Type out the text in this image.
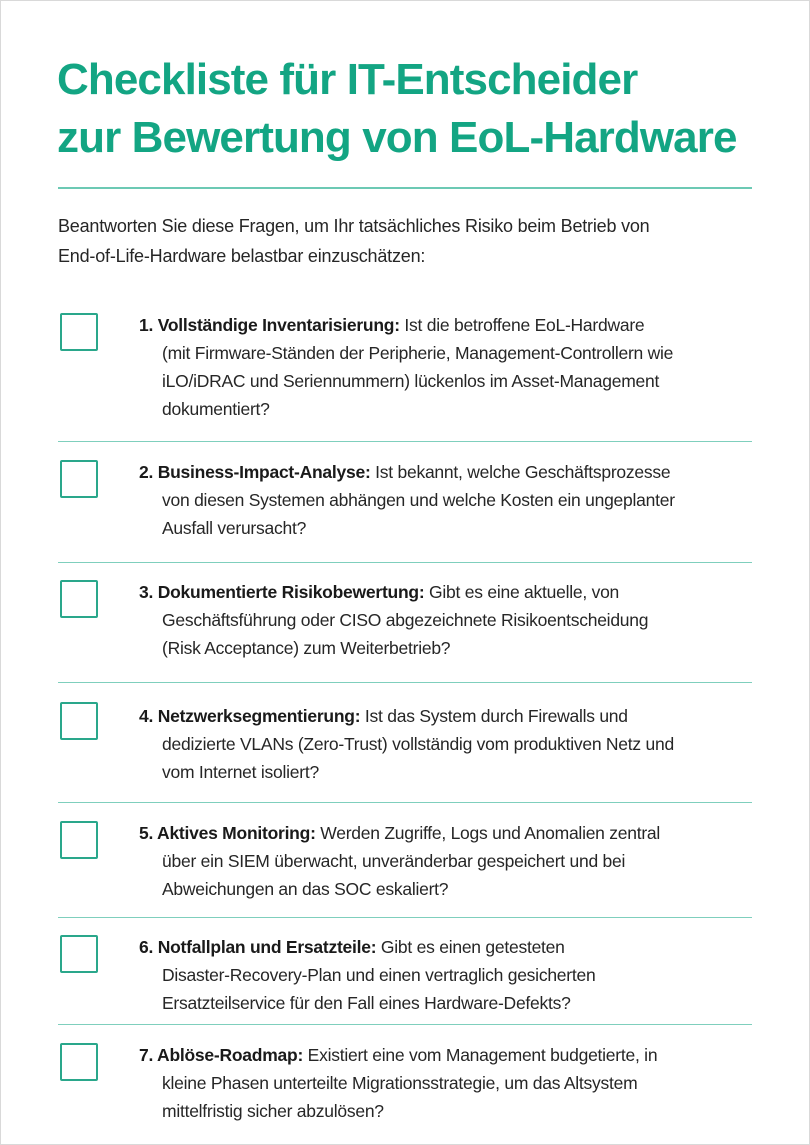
Checkliste für IT-Entscheider
zur Bewertung von EoL-Hardware

Beantworten Sie diese Fragen, um Ihr tatsächliches Risiko beim Betrieb von
End-of-Life-Hardware belastbar einzuschätzen:

1. Vollständige Inventarisierung: Ist die betroffene EoL-Hardware
(mit Firmware-Ständen der Peripherie, Management-Controllern wie
iLO/iDRAC und Seriennummern) lückenlos im Asset-Management
dokumentiert?
2. Business-Impact-Analyse: Ist bekannt, welche Geschäftsprozesse
von diesen Systemen abhängen und welche Kosten ein ungeplanter
Ausfall verursacht?
3. Dokumentierte Risikobewertung: Gibt es eine aktuelle, von
Geschäftsführung oder CISO abgezeichnete Risikoentscheidung
(Risk Acceptance) zum Weiterbetrieb?
4. Netzwerksegmentierung: Ist das System durch Firewalls und
dedizierte VLANs (Zero-Trust) vollständig vom produktiven Netz und
vom Internet isoliert?
5. Aktives Monitoring: Werden Zugriffe, Logs und Anomalien zentral
über ein SIEM überwacht, unveränderbar gespeichert und bei
Abweichungen an das SOC eskaliert?
6. Notfallplan und Ersatzteile: Gibt es einen getesteten
Disaster-Recovery-Plan und einen vertraglich gesicherten
Ersatzteilservice für den Fall eines Hardware-Defekts?
7. Ablöse-Roadmap: Existiert eine vom Management budgetierte, in
kleine Phasen unterteilte Migrationsstrategie, um das Altsystem
mittelfristig sicher abzulösen?
